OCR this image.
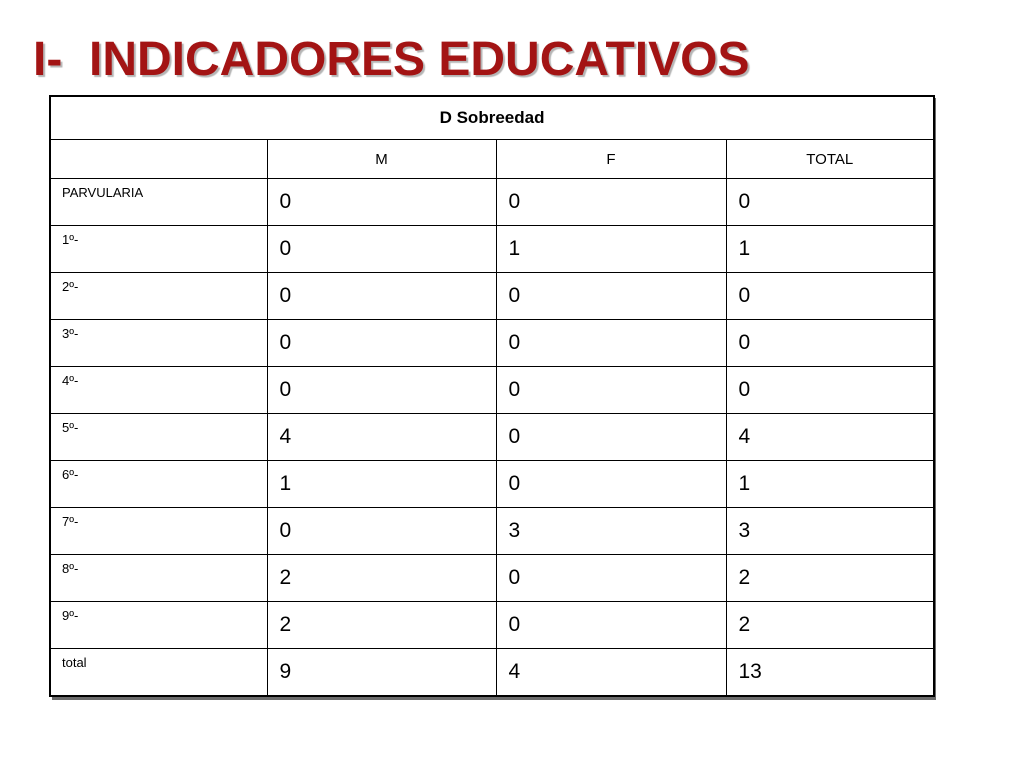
I-  INDICADORES EDUCATIVOS
D Sobreedad			
	M	F	TOTAL
PARVULARIA	0	0	0
1º-	0	1	1
2º-	0	0	0
3º-	0	0	0
4º-	0	0	0
5º-	4	0	4
6º-	1	0	1
7º-	0	3	3
8º-	2	0	2
9º-	2	0	2
total	9	4	13
